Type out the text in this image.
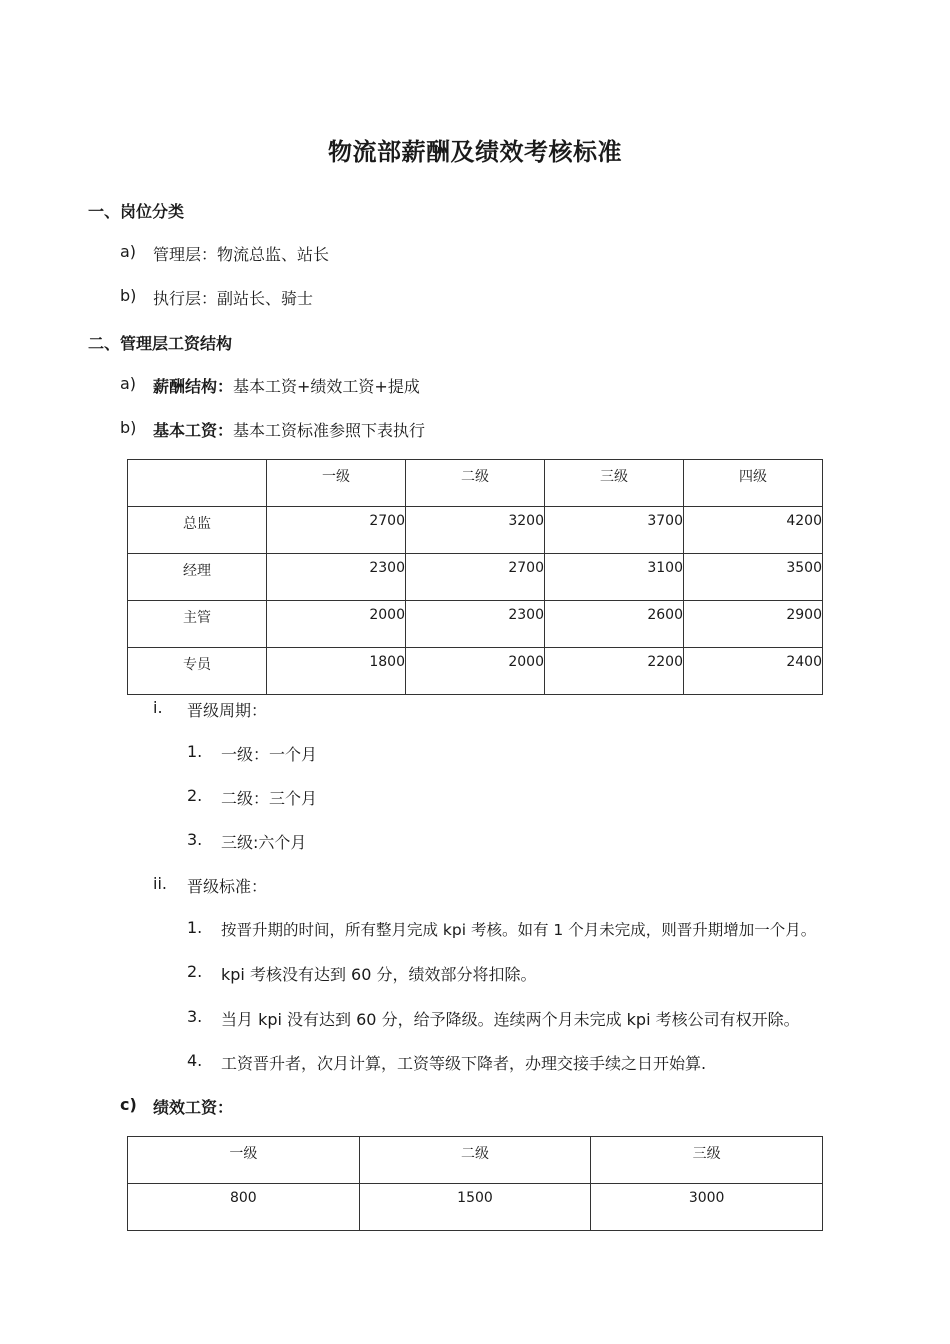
物流部薪酬及绩效考核标准
一、岗位分类
a) 管理层：物流总监、站长
b) 执行层：副站长、骑士
二、管理层工资结构
a) 薪酬结构：基本工资+绩效工资+提成
b) 基本工资：基本工资标准参照下表执行
	一级	二级	三级	四级
总监	2700	3200	3700	4200
经理	2300	2700	3100	3500
主管	2000	2300	2600	2900
专员	1800	2000	2200	2400
i. 晋级周期：
1. 一级：一个月
2. 二级：三个月
3. 三级:六个月
ii. 晋级标准：
1. 按晋升期的时间，所有整月完成 kpi 考核。如有 1 个月未完成，则晋升期增加一个月。
2. kpi 考核没有达到 60 分，绩效部分将扣除。
3. 当月 kpi 没有达到 60 分，给予降级。连续两个月未完成 kpi 考核公司有权开除。
4. 工资晋升者，次月计算，工资等级下降者，办理交接手续之日开始算.
c) 绩效工资：
一级	二级	三级
800	1500	3000
